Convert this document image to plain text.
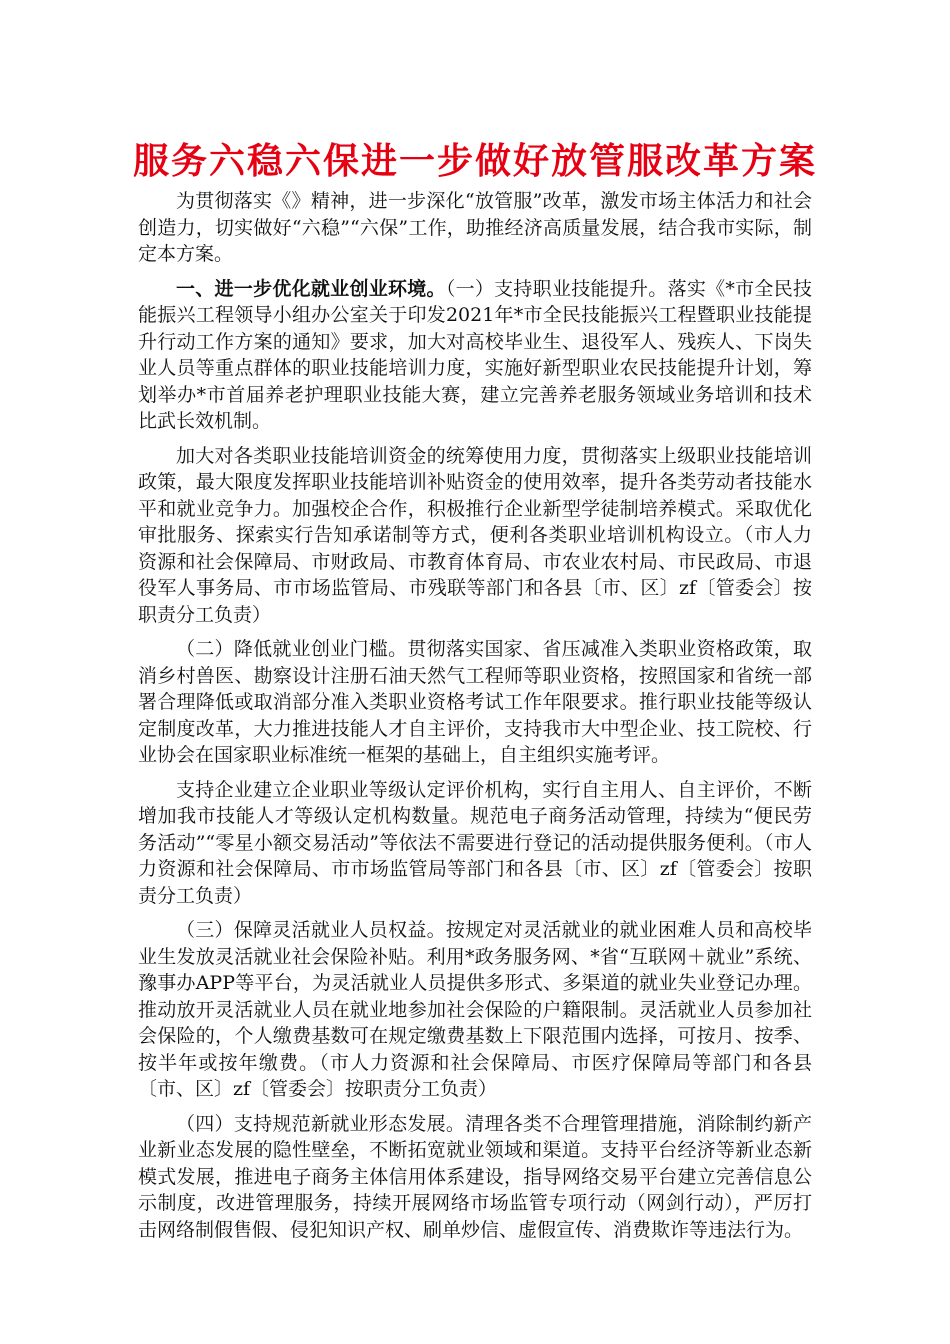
服务六稳六保进一步做好放管服改革方案

为贯彻落实《》精神，进一步深化“放管服”改革，激发市场主体活力和社会创造力，切实做好“六稳”“六保”工作，助推经济高质量发展，结合我市实际，制定本方案。

一、进一步优化就业创业环境。（一）支持职业技能提升。落实《*市全民技能振兴工程领导小组办公室关于印发2021年*市全民技能振兴工程暨职业技能提升行动工作方案的通知》要求，加大对高校毕业生、退役军人、残疾人、下岗失业人员等重点群体的职业技能培训力度，实施好新型职业农民技能提升计划，筹划举办*市首届养老护理职业技能大赛，建立完善养老服务领域业务培训和技术比武长效机制。

加大对各类职业技能培训资金的统筹使用力度，贯彻落实上级职业技能培训政策，最大限度发挥职业技能培训补贴资金的使用效率，提升各类劳动者技能水平和就业竞争力。加强校企合作，积极推行企业新型学徒制培养模式。采取优化审批服务、探索实行告知承诺制等方式，便利各类职业培训机构设立。（市人力资源和社会保障局、市财政局、市教育体育局、市农业农村局、市民政局、市退役军人事务局、市市场监管局、市残联等部门和各县〔市、区〕zf〔管委会〕按职责分工负责）

（二）降低就业创业门槛。贯彻落实国家、省压减准入类职业资格政策，取消乡村兽医、勘察设计注册石油天然气工程师等职业资格，按照国家和省统一部署合理降低或取消部分准入类职业资格考试工作年限要求。推行职业技能等级认定制度改革，大力推进技能人才自主评价，支持我市大中型企业、技工院校、行业协会在国家职业标准统一框架的基础上，自主组织实施考评。

支持企业建立企业职业等级认定评价机构，实行自主用人、自主评价，不断增加我市技能人才等级认定机构数量。规范电子商务活动管理，持续为“便民劳务活动”“零星小额交易活动”等依法不需要进行登记的活动提供服务便利。（市人力资源和社会保障局、市市场监管局等部门和各县〔市、区〕zf〔管委会〕按职责分工负责）

（三）保障灵活就业人员权益。按规定对灵活就业的就业困难人员和高校毕业生发放灵活就业社会保险补贴。利用*政务服务网、*省“互联网＋就业”系统、豫事办APP等平台，为灵活就业人员提供多形式、多渠道的就业失业登记办理。推动放开灵活就业人员在就业地参加社会保险的户籍限制。灵活就业人员参加社会保险的，个人缴费基数可在规定缴费基数上下限范围内选择，可按月、按季、按半年或按年缴费。（市人力资源和社会保障局、市医疗保障局等部门和各县〔市、区〕zf〔管委会〕按职责分工负责）

（四）支持规范新就业形态发展。清理各类不合理管理措施，消除制约新产业新业态发展的隐性壁垒，不断拓宽就业领域和渠道。支持平台经济等新业态新模式发展，推进电子商务主体信用体系建设，指导网络交易平台建立完善信息公示制度，改进管理服务，持续开展网络市场监管专项行动（网剑行动），严厉打击网络制假售假、侵犯知识产权、刷单炒信、虚假宣传、消费欺诈等违法行为。
